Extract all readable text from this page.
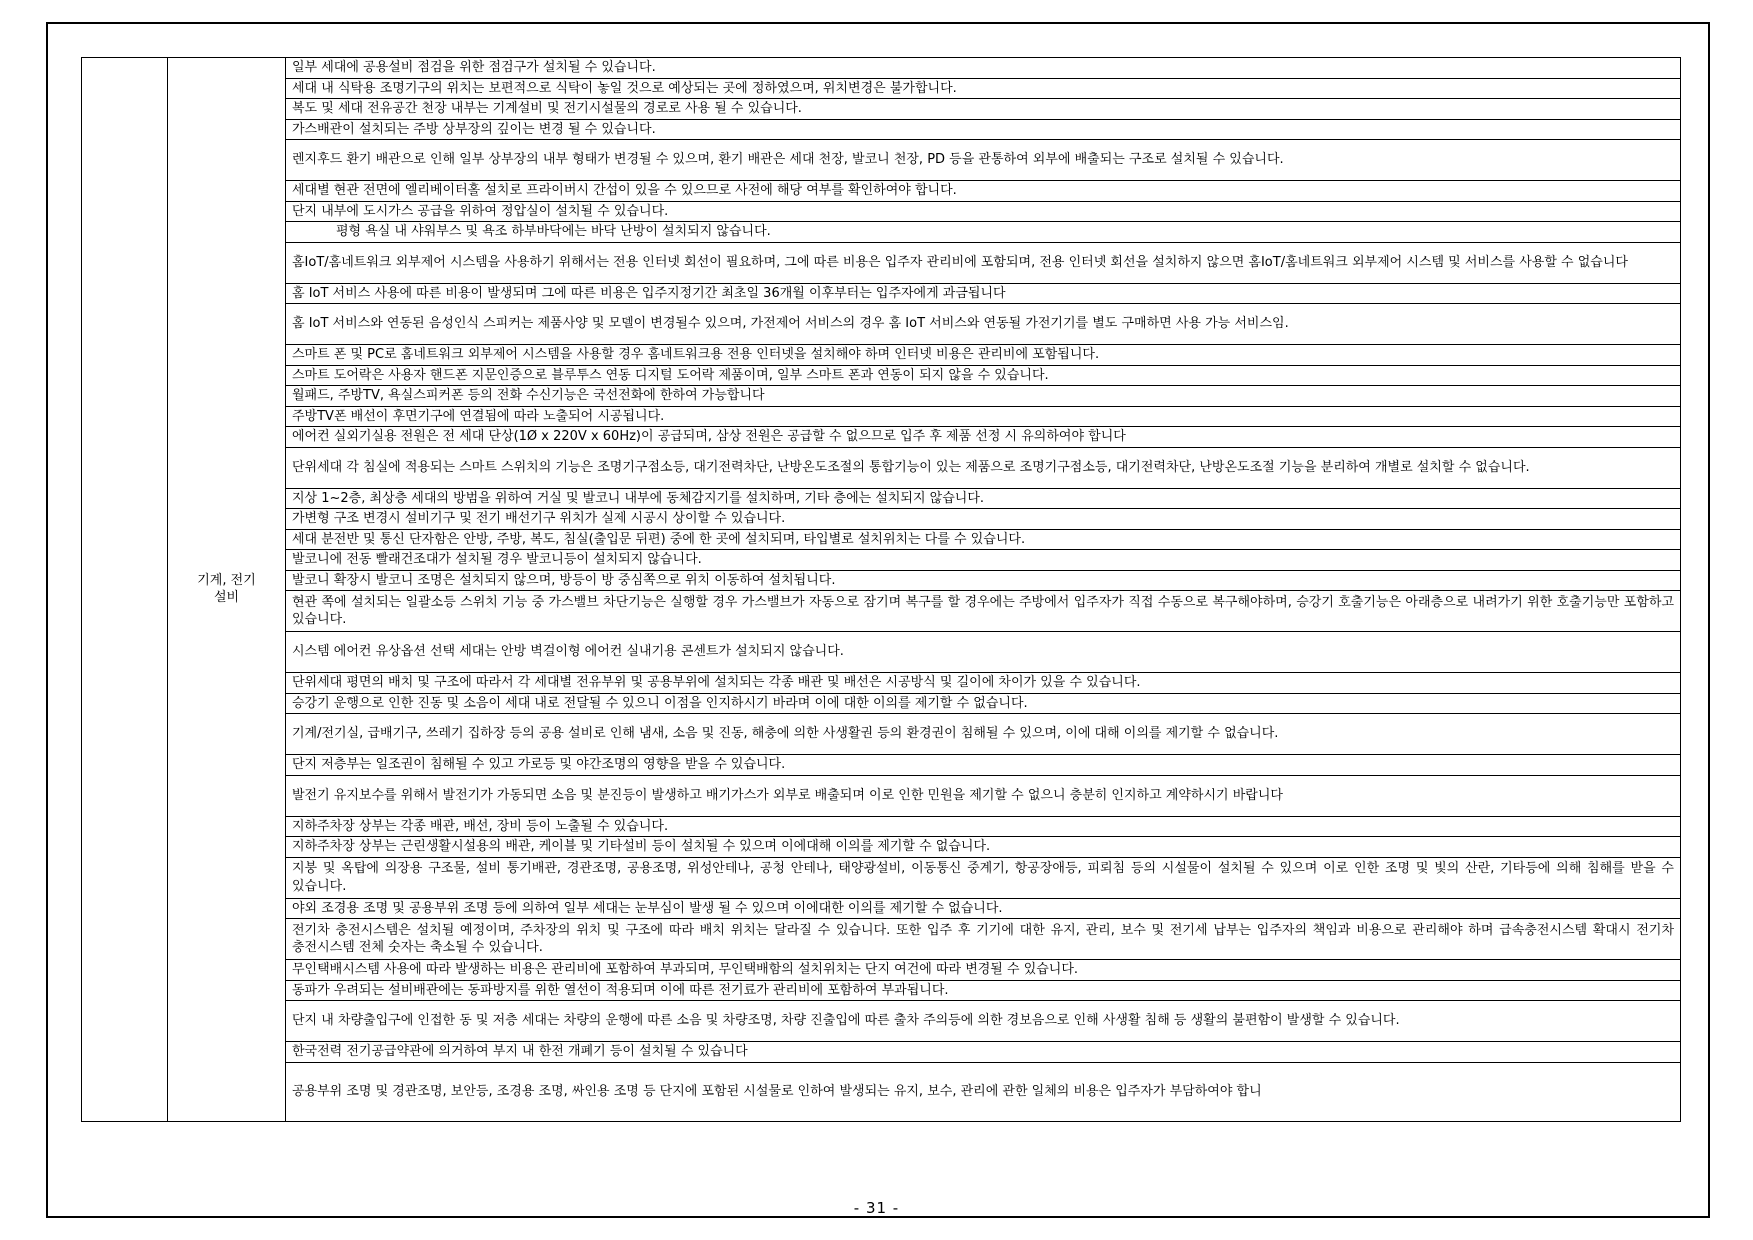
	기계, 전기
설비	일부 세대에 공용설비 점검을 위한 점검구가 설치될 수 있습니다.
세대 내 식탁용 조명기구의 위치는 보편적으로 식탁이 놓일 것으로 예상되는 곳에 정하였으며, 위치변경은 불가합니다.
복도 및 세대 전유공간 천장 내부는 기계설비 및 전기시설물의 경로로 사용 될 수 있습니다.
가스배관이 설치되는 주방 상부장의 깊이는 변경 될 수 있습니다.
렌지후드 환기 배관으로 인해 일부 상부장의 내부 형태가 변경될 수 있으며, 환기 배관은 세대 천장, 발코니 천장, PD 등을 관통하여 외부에 배출되는 구조로 설치될 수 있습니다.
세대별 현관 전면에 엘리베이터홀 설치로 프라이버시 간섭이 있을 수 있으므로 사전에 해당 여부를 확인하여야 합니다.
단지 내부에 도시가스 공급을 위하여 정압실이 설치될 수 있습니다.
평형 욕실 내 샤워부스 및 욕조 하부바닥에는 바닥 난방이 설치되지 않습니다.
홈IoT/홈네트워크 외부제어 시스템을 사용하기 위해서는 전용 인터넷 회선이 필요하며, 그에 따른 비용은 입주자 관리비에 포함되며, 전용 인터넷 회선을 설치하지 않으면 홈IoT/홈네트워크 외부제어 시스템 및 서비스를 사용할 수 없습니다
홈 IoT 서비스 사용에 따른 비용이 발생되며 그에 따른 비용은 입주지정기간 최초일 36개월 이후부터는 입주자에게 과금됩니다
홈 IoT 서비스와 연동된 음성인식 스피커는 제품사양 및 모델이 변경될수 있으며, 가전제어 서비스의 경우 홈 IoT 서비스와 연동될 가전기기를 별도 구매하면 사용 가능 서비스임.
스마트 폰 및 PC로 홈네트워크 외부제어 시스템을 사용할 경우 홈네트워크용 전용 인터넷을 설치해야 하며 인터넷 비용은 관리비에 포함됩니다.
스마트 도어락은 사용자 핸드폰 지문인증으로 블루투스 연동 디지털 도어락 제품이며, 일부 스마트 폰과 연동이 되지 않을 수 있습니다.
월패드, 주방TV, 욕실스피커폰 등의 전화 수신기능은 국선전화에 한하여 가능합니다
주방TV폰 배선이 후면기구에 연결됨에 따라 노출되어 시공됩니다.
에어컨 실외기실용 전원은 전 세대 단상(1Ø x 220V x 60Hz)이 공급되며, 삼상 전원은 공급할 수 없으므로 입주 후 제품 선정 시 유의하여야 합니다
단위세대 각 침실에 적용되는 스마트 스위치의 기능은 조명기구점소등, 대기전력차단, 난방온도조절의 통합기능이 있는 제품으로 조명기구점소등, 대기전력차단, 난방온도조절 기능을 분리하여 개별로 설치할 수 없습니다.
지상 1~2층, 최상층 세대의 방범을 위하여 거실 및 발코니 내부에 동체감지기를 설치하며, 기타 층에는 설치되지 않습니다.
가변형 구조 변경시 설비기구 및 전기 배선기구 위치가 실제 시공시 상이할 수 있습니다.
세대 분전반 및 통신 단자함은 안방, 주방, 복도, 침실(출입문 뒤편) 중에 한 곳에 설치되며, 타입별로 설치위치는 다를 수 있습니다.
발코니에 전동 빨래건조대가 설치될 경우 발코니등이 설치되지 않습니다.
발코니 확장시 발코니 조명은 설치되지 않으며, 방등이 방 중심쪽으로 위치 이동하여 설치됩니다.
현관 쪽에 설치되는 일괄소등 스위치 기능 중 가스밸브 차단기능은 실행할 경우 가스밸브가 자동으로 잠기며 복구를 할 경우에는 주방에서 입주자가 직접 수동으로 복구해야하며, 승강기 호출기능은 아래층으로 내려가기 위한 호출기능만 포함하고 있습니다.
시스템 에어컨 유상옵션 선택 세대는 안방 벽걸이형 에어컨 실내기용 콘센트가 설치되지 않습니다.
단위세대 평면의 배치 및 구조에 따라서 각 세대별 전유부위 및 공용부위에 설치되는 각종 배관 및 배선은 시공방식 및 길이에 차이가 있을 수 있습니다.
승강기 운행으로 인한 진동 및 소음이 세대 내로 전달될 수 있으니 이점을 인지하시기 바라며 이에 대한 이의를 제기할 수 없습니다.
기계/전기실, 급배기구, 쓰레기 집하장 등의 공용 설비로 인해 냄새, 소음 및 진동, 해충에 의한 사생활권 등의 환경권이 침해될 수 있으며, 이에 대해 이의를 제기할 수 없습니다.
단지 저층부는 일조권이 침해될 수 있고 가로등 및 야간조명의 영향을 받을 수 있습니다.
발전기 유지보수를 위해서 발전기가 가동되면 소음 및 분진등이 발생하고 배기가스가 외부로 배출되며 이로 인한 민원을 제기할 수 없으니 충분히 인지하고 계약하시기 바랍니다
지하주차장 상부는 각종 배관, 배선, 장비 등이 노출될 수 있습니다.
지하주차장 상부는 근린생활시설용의 배관, 케이블 및 기타설비 등이 설치될 수 있으며 이에대해 이의를 제기할 수 없습니다.
지붕 및 옥탑에 의장용 구조물, 설비 통기배관, 경관조명, 공용조명, 위성안테나, 공청 안테나, 태양광설비, 이동통신 중계기, 항공장애등, 피뢰침 등의 시설물이 설치될 수 있으며 이로 인한 조명 및 빛의 산란, 기타등에 의해 침해를 받을 수 있습니다.
야외 조경용 조명 및 공용부위 조명 등에 의하여 일부 세대는 눈부심이 발생 될 수 있으며 이에대한 이의를 제기할 수 없습니다.
전기차 충전시스템은 설치될 예정이며, 주차장의 위치 및 구조에 따라 배치 위치는 달라질 수 있습니다. 또한 입주 후 기기에 대한 유지, 관리, 보수 및 전기세 납부는 입주자의 책임과 비용으로 관리해야 하며 급속충전시스템 확대시 전기차 충전시스템 전체 숫자는 축소될 수 있습니다.
무인택배시스템 사용에 따라 발생하는 비용은 관리비에 포함하여 부과되며, 무인택배함의 설치위치는 단지 여건에 따라 변경될 수 있습니다.
동파가 우려되는 설비배관에는 동파방지를 위한 열선이 적용되며 이에 따른 전기료가 관리비에 포함하여 부과됩니다.
단지 내 차량출입구에 인접한 동 및 저층 세대는 차량의 운행에 따른 소음 및 차량조명, 차량 진출입에 따른 출차 주의등에 의한 경보음으로 인해 사생활 침해 등 생활의 불편함이 발생할 수 있습니다.
한국전력 전기공급약관에 의거하여 부지 내 한전 개폐기 등이 설치될 수 있습니다
공용부위 조명 및 경관조명, 보안등, 조경용 조명, 싸인용 조명 등 단지에 포함된 시설물로 인하여 발생되는 유지, 보수, 관리에 관한 일체의 비용은 입주자가 부담하여야 합니
- 31 -
